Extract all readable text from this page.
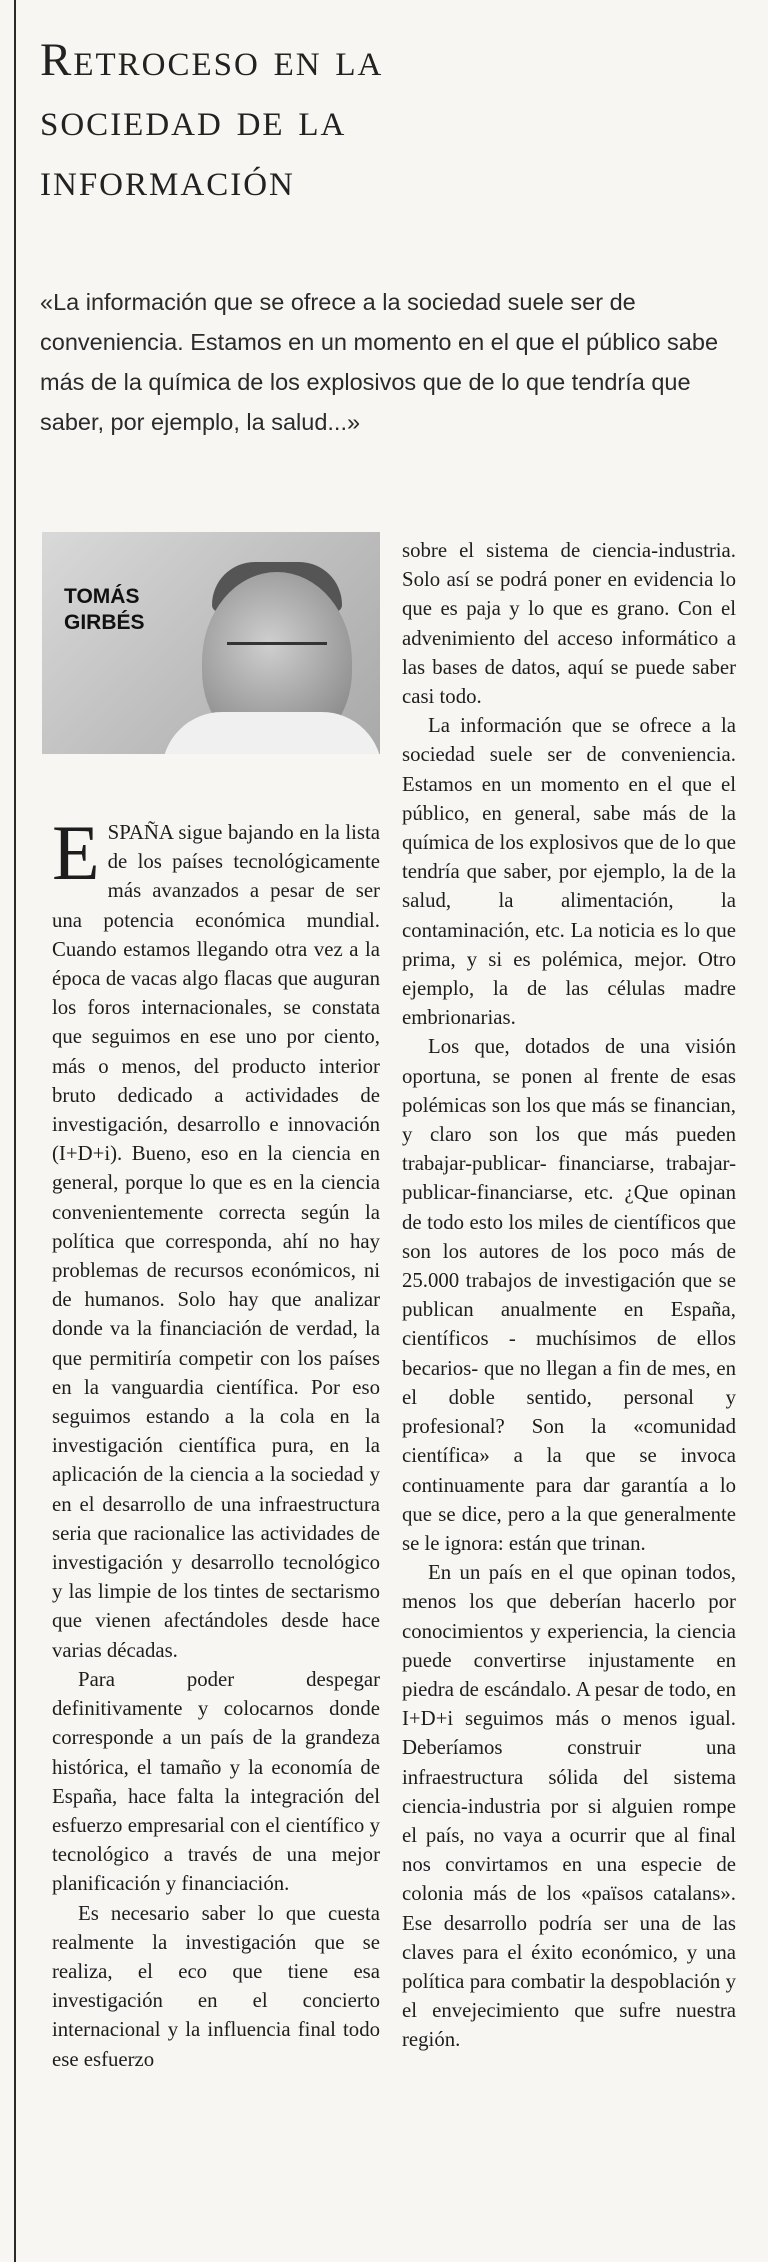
Retroceso en la
sociedad de la
información
«La información que se ofrece a la sociedad suele ser de conveniencia. Estamos en un momento en el que el público sabe más de la química de los explosivos que de lo que tendría que saber, por ejemplo, la salud...»
TOMÁS
GIRBÉS

ESPAÑA sigue bajando en la lista de los países tecnológicamente más avanzados a pesar de ser una potencia económica mundial. Cuando estamos llegando otra vez a la época de vacas algo flacas que auguran los foros internacionales, se constata que seguimos en ese uno por ciento, más o menos, del producto interior bruto dedicado a actividades de investigación, desarrollo e innovación (I+D+i). Bueno, eso en la ciencia en general, porque lo que es en la ciencia convenientemente correcta según la política que corresponda, ahí no hay problemas de recursos económicos, ni de humanos. Solo hay que analizar donde va la financiación de verdad, la que permitiría competir con los países en la vanguardia científica. Por eso seguimos estando a la cola en la investigación científica pura, en la aplicación de la ciencia a la sociedad y en el desarrollo de una infraestructura seria que racionalice las actividades de investigación y desarrollo tecnológico y las limpie de los tintes de sectarismo que vienen afectándoles desde hace varias décadas.

Para poder despegar definitivamente y colocarnos donde corresponde a un país de la grandeza histórica, el tamaño y la economía de España, hace falta la integración del esfuerzo empresarial con el científico y tecnológico a través de una mejor planificación y financiación.

Es necesario saber lo que cuesta realmente la investigación que se realiza, el eco que tiene esa investigación en el concierto internacional y la influencia final todo ese esfuerzo

sobre el sistema de ciencia-industria. Solo así se podrá poner en evidencia lo que es paja y lo que es grano. Con el advenimiento del acceso informático a las bases de datos, aquí se puede saber casi todo.

La información que se ofrece a la sociedad suele ser de conveniencia. Estamos en un momento en el que el público, en general, sabe más de la química de los explosivos que de lo que tendría que saber, por ejemplo, la de la salud, la alimentación, la contaminación, etc. La noticia es lo que prima, y si es polémica, mejor. Otro ejemplo, la de las células madre embrionarias.

Los que, dotados de una visión oportuna, se ponen al frente de esas polémicas son los que más se financian, y claro son los que más pueden trabajar-publicar- financiarse, trabajar-publicar-financiarse, etc. ¿Que opinan de todo esto los miles de científicos que son los autores de los poco más de 25.000 trabajos de investigación que se publican anualmente en España, científicos - muchísimos de ellos becarios- que no llegan a fin de mes, en el doble sentido, personal y profesional? Son la «comunidad científica» a la que se invoca continuamente para dar garantía a lo que se dice, pero a la que generalmente se le ignora: están que trinan.

En un país en el que opinan todos, menos los que deberían hacerlo por conocimientos y experiencia, la ciencia puede convertirse injustamente en piedra de escándalo. A pesar de todo, en I+D+i seguimos más o menos igual. Deberíamos construir una infraestructura sólida del sistema ciencia-industria por si alguien rompe el país, no vaya a ocurrir que al final nos convirtamos en una especie de colonia más de los «països catalans». Ese desarrollo podría ser una de las claves para el éxito económico, y una política para combatir la despoblación y el envejecimiento que sufre nuestra región.
